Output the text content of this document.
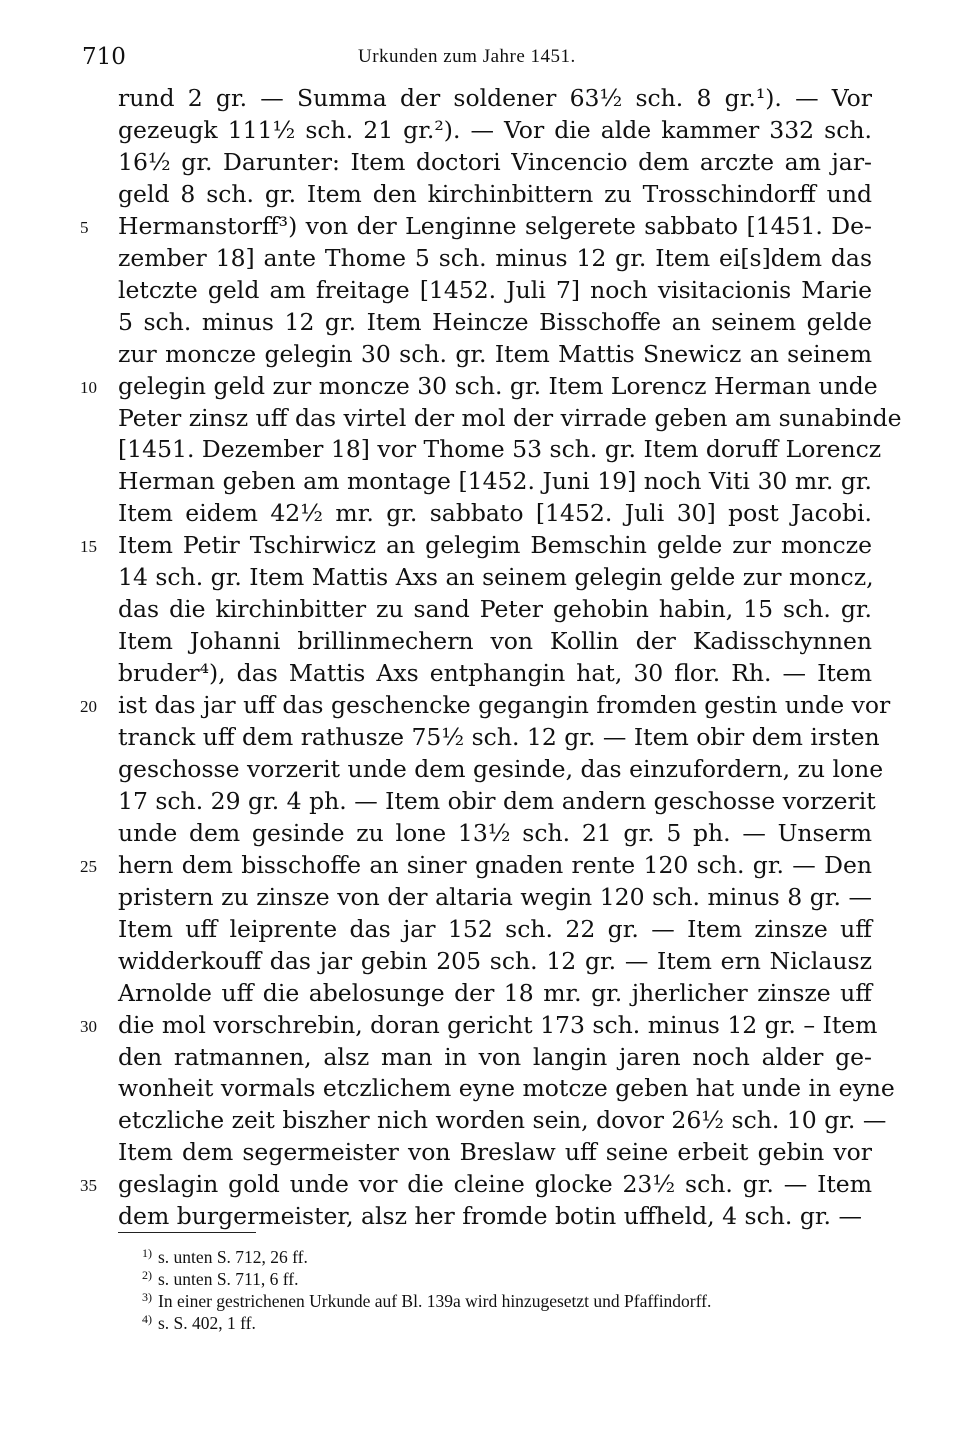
710	Urkunden zum Jahre 1451.
rund 2 gr. — Summa der soldener 63½ sch. 8 gr.¹). — Vor
gezeugk 111½ sch. 21 gr.²). — Vor die alde kammer 332 sch.
16½ gr. Darunter: Item doctori Vincencio dem arczte am jar-
geld 8 sch. gr. Item den kirchinbittern zu Trosschindorff und
Hermanstorff³) von der Lenginne selgerete sabbato [1451. De-
zember 18] ante Thome 5 sch. minus 12 gr. Item ei[s]dem das
letczte geld am freitage [1452. Juli 7] noch visitacionis Marie
5 sch. minus 12 gr. Item Heincze Bisschoffe an seinem gelde
zur moncze gelegin 30 sch. gr. Item Mattis Snewicz an seinem
gelegin geld zur moncze 30 sch. gr. Item Lorencz Herman unde
Peter zinsz uff das virtel der mol der virrade geben am sunabinde
[1451. Dezember 18] vor Thome 53 sch. gr. Item doruff Lorencz
Herman geben am montage [1452. Juni 19] noch Viti 30 mr. gr.
Item eidem 42½ mr. gr. sabbato [1452. Juli 30] post Jacobi.
Item Petir Tschirwicz an gelegim Bemschin gelde zur moncze
14 sch. gr. Item Mattis Axs an seinem gelegin gelde zur moncz,
das die kirchinbitter zu sand Peter gehobin habin, 15 sch. gr.
Item Johanni brillinmechern von Kollin der Kadisschynnen
bruder⁴), das Mattis Axs entphangin hat, 30 flor. Rh. — Item
ist das jar uff das geschencke gegangin fromden gestin unde vor
tranck uff dem rathusze 75½ sch. 12 gr. — Item obir dem irsten
geschosse vorzerit unde dem gesinde, das einzufordern, zu lone
17 sch. 29 gr. 4 ph. — Item obir dem andern geschosse vorzerit
unde dem gesinde zu lone 13½ sch. 21 gr. 5 ph. — Unserm
hern dem bisschoffe an siner gnaden rente 120 sch. gr. — Den
pristern zu zinsze von der altaria wegin 120 sch. minus 8 gr. —
Item uff leiprente das jar 152 sch. 22 gr. — Item zinsze uff
widderkouff das jar gebin 205 sch. 12 gr. — Item ern Niclausz
Arnolde uff die abelosunge der 18 mr. gr. jherlicher zinsze uff
die mol vorschrebin, doran gericht 173 sch. minus 12 gr. – Item
den ratmannen, alsz man in von langin jaren noch alder ge-
wonheit vormals etczlichem eyne motcze geben hat unde in eyne
etczliche zeit biszher nich worden sein, dovor 26½ sch. 10 gr. —
Item dem segermeister von Breslaw uff seine erbeit gebin vor
geslagin gold unde vor die cleine glocke 23½ sch. gr. — Item
dem burgermeister, alsz her fromde botin uffheld, 4 sch. gr. —
5
10
15
20
25
30
35
$^{1)}$ s. unten S. 712, 26 ff.
$^{2)}$ s. unten S. 711, 6 ff.
$^{3)}$ In einer gestrichenen Urkunde auf Bl. 139a wird hinzugesetzt und Pfaffindorff.
$^{4)}$ s. S. 402, 1 ff.
